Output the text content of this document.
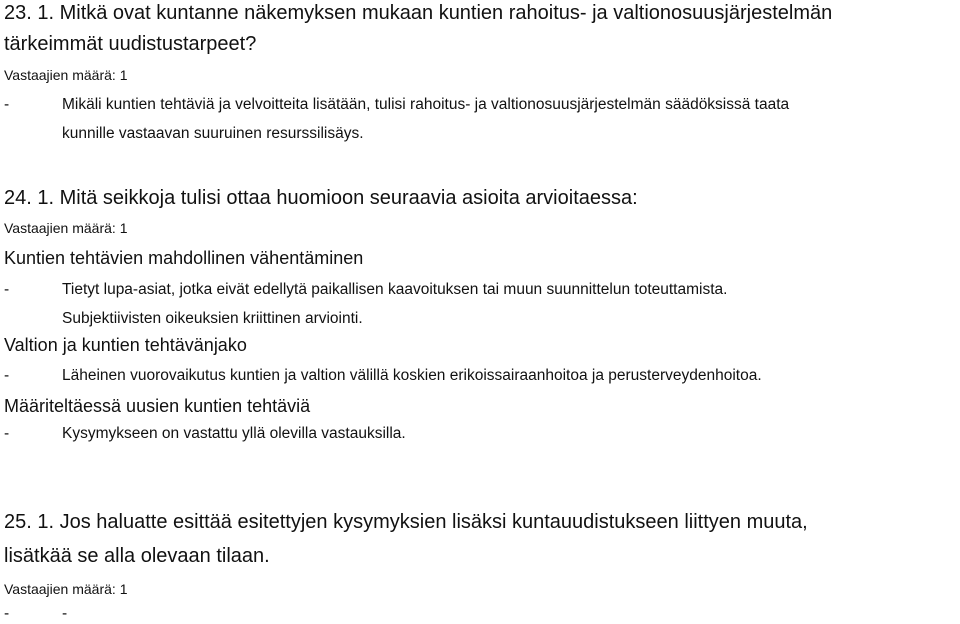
23. 1. Mitkä ovat kuntanne näkemyksen mukaan kuntien rahoitus- ja valtionosuusjärjestelmän
tärkeimmät uudistustarpeet?
Vastaajien määrä: 1
-	Mikäli kuntien tehtäviä ja velvoitteita lisätään, tulisi rahoitus- ja valtionosuusjärjestelmän säädöksissä taata
kunnille vastaavan suuruinen resurssilisäys.
24. 1. Mitä seikkoja tulisi ottaa huomioon seuraavia asioita arvioitaessa:
Vastaajien määrä: 1
Kuntien tehtävien mahdollinen vähentäminen
-	Tietyt lupa-asiat, jotka eivät edellytä paikallisen kaavoituksen tai muun suunnittelun toteuttamista.
Subjektiivisten oikeuksien kriittinen arviointi.
Valtion ja kuntien tehtävänjako
-	Läheinen vuorovaikutus kuntien ja valtion välillä koskien erikoissairaanhoitoa ja perusterveydenhoitoa.
Määriteltäessä uusien kuntien tehtäviä
-	Kysymykseen on vastattu yllä olevilla vastauksilla.
25. 1. Jos haluatte esittää esitettyjen kysymyksien lisäksi kuntauudistukseen liittyen muuta,
lisätkää se alla olevaan tilaan.
Vastaajien määrä: 1
-	-
